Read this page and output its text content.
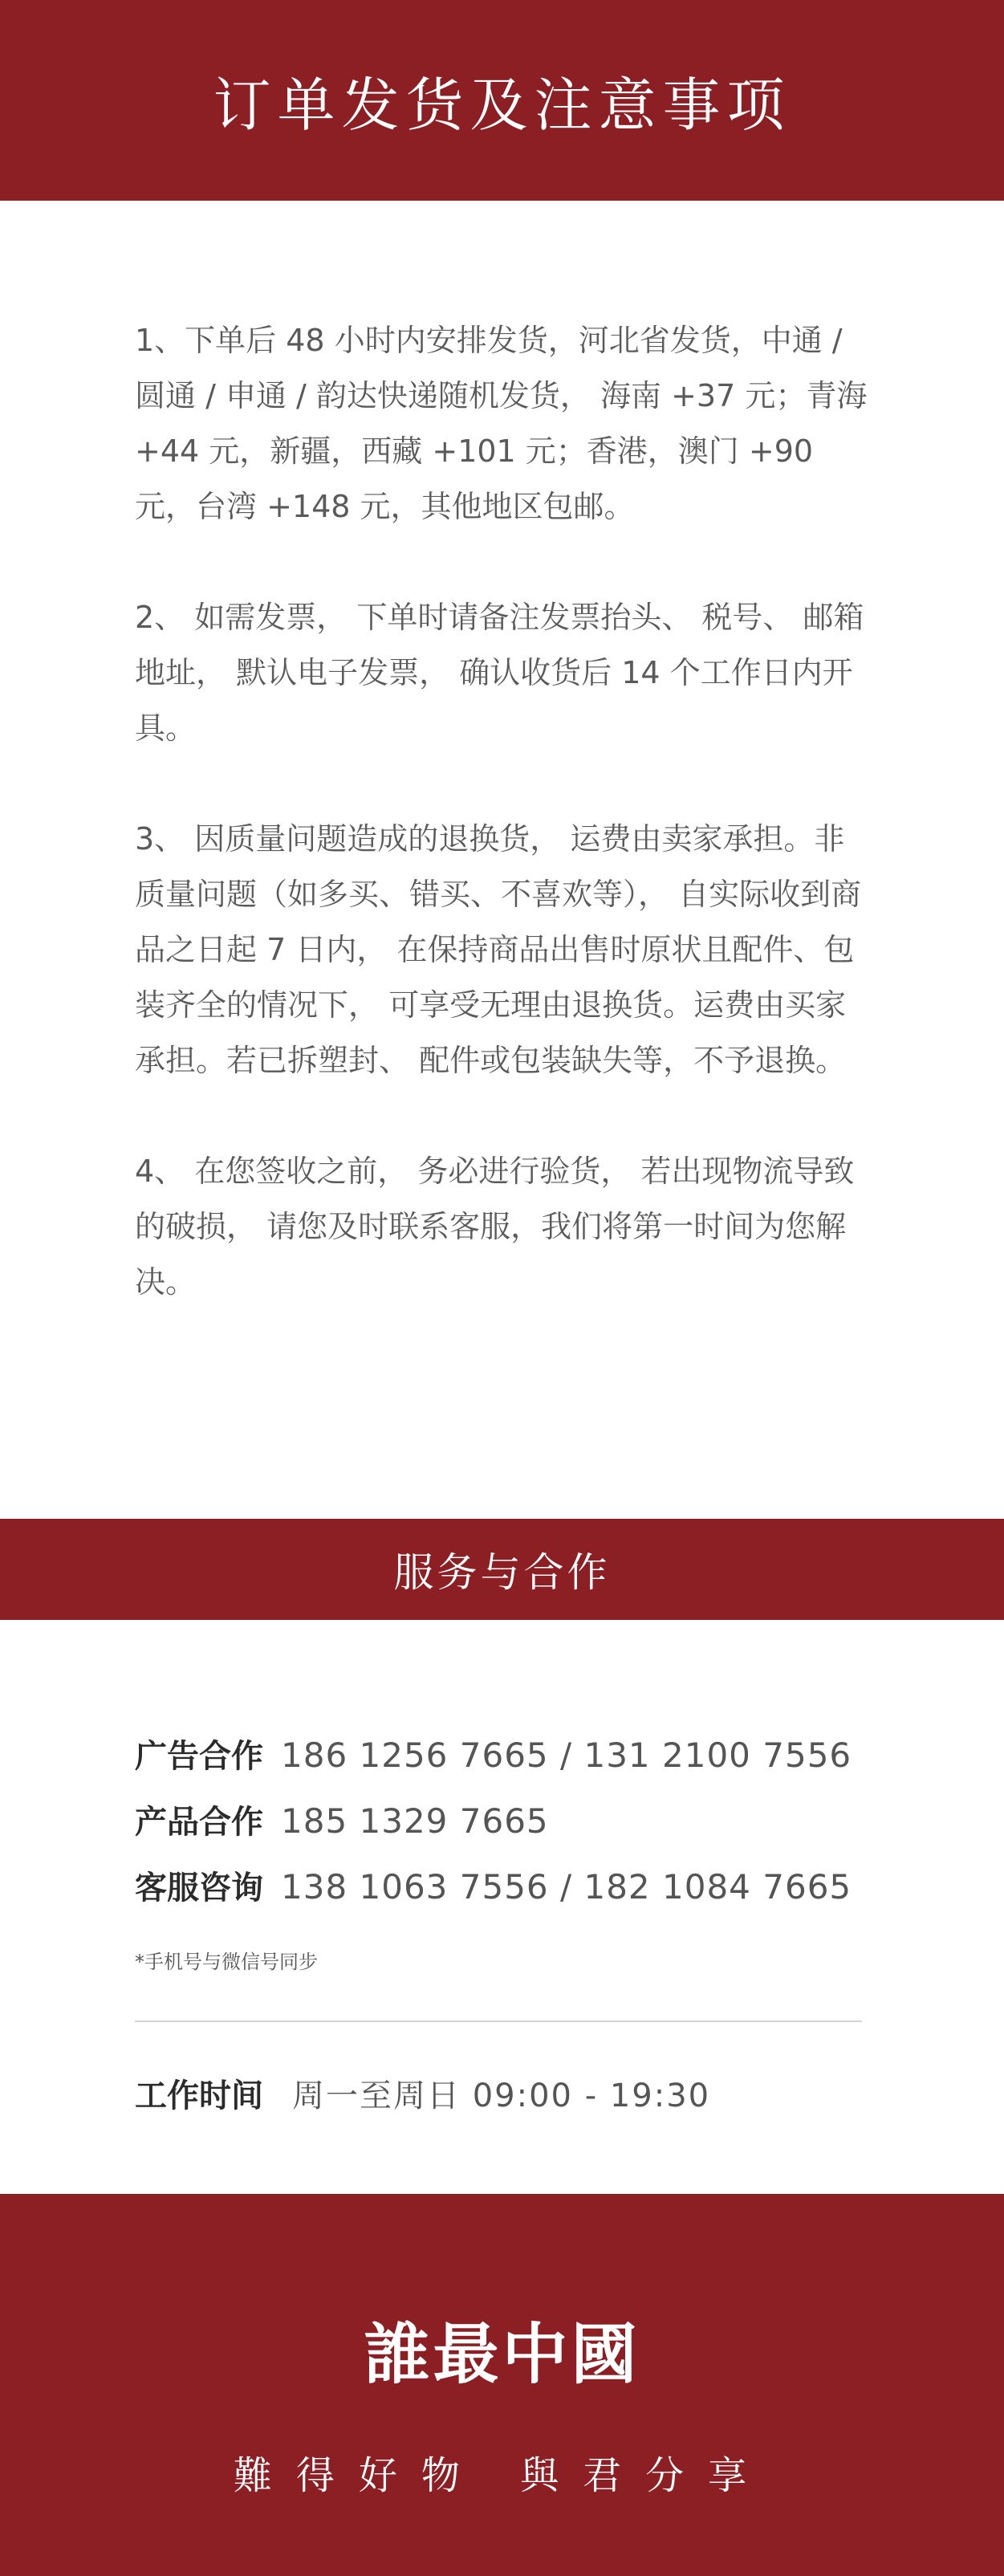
订单发货及注意事项

1、下单后 48 小时内安排发货，河北省发货，中通 / 圆通 / 申通 / 韵达快递随机发货， 海南 +37 元；青海 +44 元，新疆，西藏 +101 元；香港，澳门 +90 元，台湾 +148 元，其他地区包邮。

2、 如需发票， 下单时请备注发票抬头、 税号、 邮箱地址， 默认电子发票， 确认收货后 14 个工作日内开具。

3、 因质量问题造成的退换货， 运费由卖家承担。非质量问题（如多买、错买、不喜欢等）， 自实际收到商品之日起 7 日内， 在保持商品出售时原状且配件、包装齐全的情况下， 可享受无理由退换货。运费由买家承担。若已拆塑封、 配件或包装缺失等，不予退换。

4、 在您签收之前， 务必进行验货， 若出现物流导致的破损， 请您及时联系客服，我们将第一时间为您解决。

服务与合作
广告合作 186 1256 7665 / 131 2100 7556
产品合作 185 1329 7665
客服咨询 138 1063 7556 / 182 1084 7665
*手机号与微信号同步
工作时间 周一至周日 09:00 - 19:30
誰最中國
難得好物 與君分享
